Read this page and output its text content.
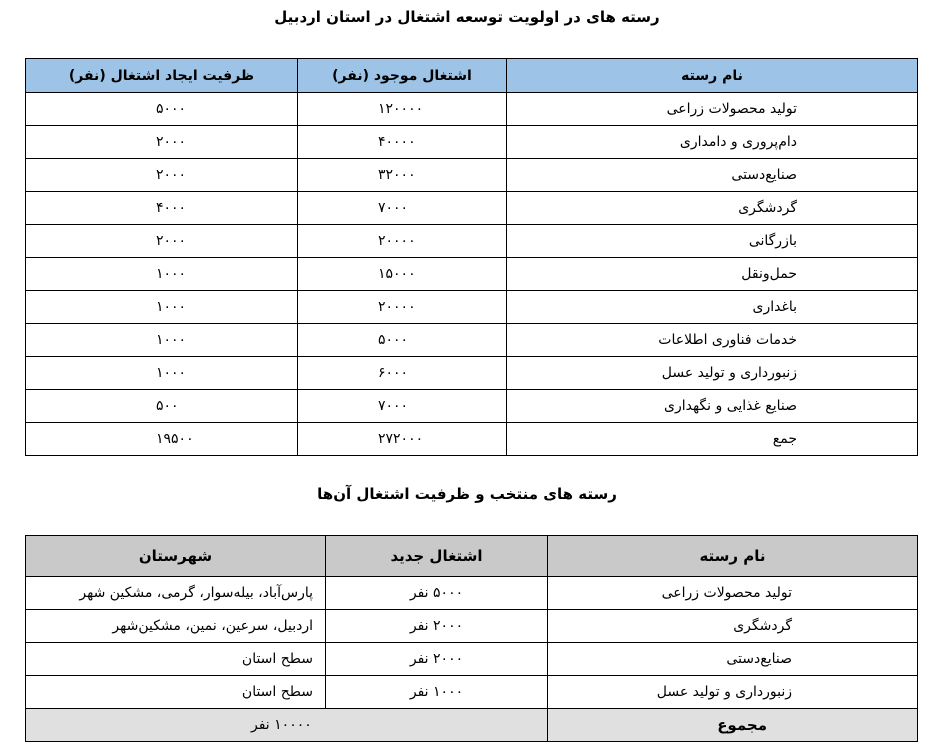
رسته های در اولویت توسعه اشتغال در استان اردبیل
نام رسته	اشتغال موجود (نفر)	ظرفیت ایجاد اشتغال (نفر)
تولید محصولات زراعی	۱۲۰۰۰۰	۵۰۰۰
دام‌پروری و دامداری	۴۰۰۰۰	۲۰۰۰
صنایع‌دستی	۳۲۰۰۰	۲۰۰۰
گردشگری	۷۰۰۰	۴۰۰۰
بازرگانی	۲۰۰۰۰	۲۰۰۰
حمل‌ونقل	۱۵۰۰۰	۱۰۰۰
باغداری	۲۰۰۰۰	۱۰۰۰
خدمات فناوری اطلاعات	۵۰۰۰	۱۰۰۰
زنبورداری و تولید عسل	۶۰۰۰	۱۰۰۰
صنایع غذایی و نگهداری	۷۰۰۰	۵۰۰
جمع	۲۷۲۰۰۰	۱۹۵۰۰
رسته های منتخب و ظرفیت اشتغال آن‌ها
نام رسته	اشتغال جدید	شهرستان
تولید محصولات زراعی	۵۰۰۰ نفر	پارس‌آباد، بیله‌سوار، گرمی، مشکین شهر
گردشگری	۲۰۰۰ نفر	اردبیل، سرعین، نمین، مشکین‌شهر
صنایع‌دستی	۲۰۰۰ نفر	سطح استان
زنبورداری و تولید عسل	۱۰۰۰ نفر	سطح استان
مجموع	۱۰۰۰۰ نفر	
